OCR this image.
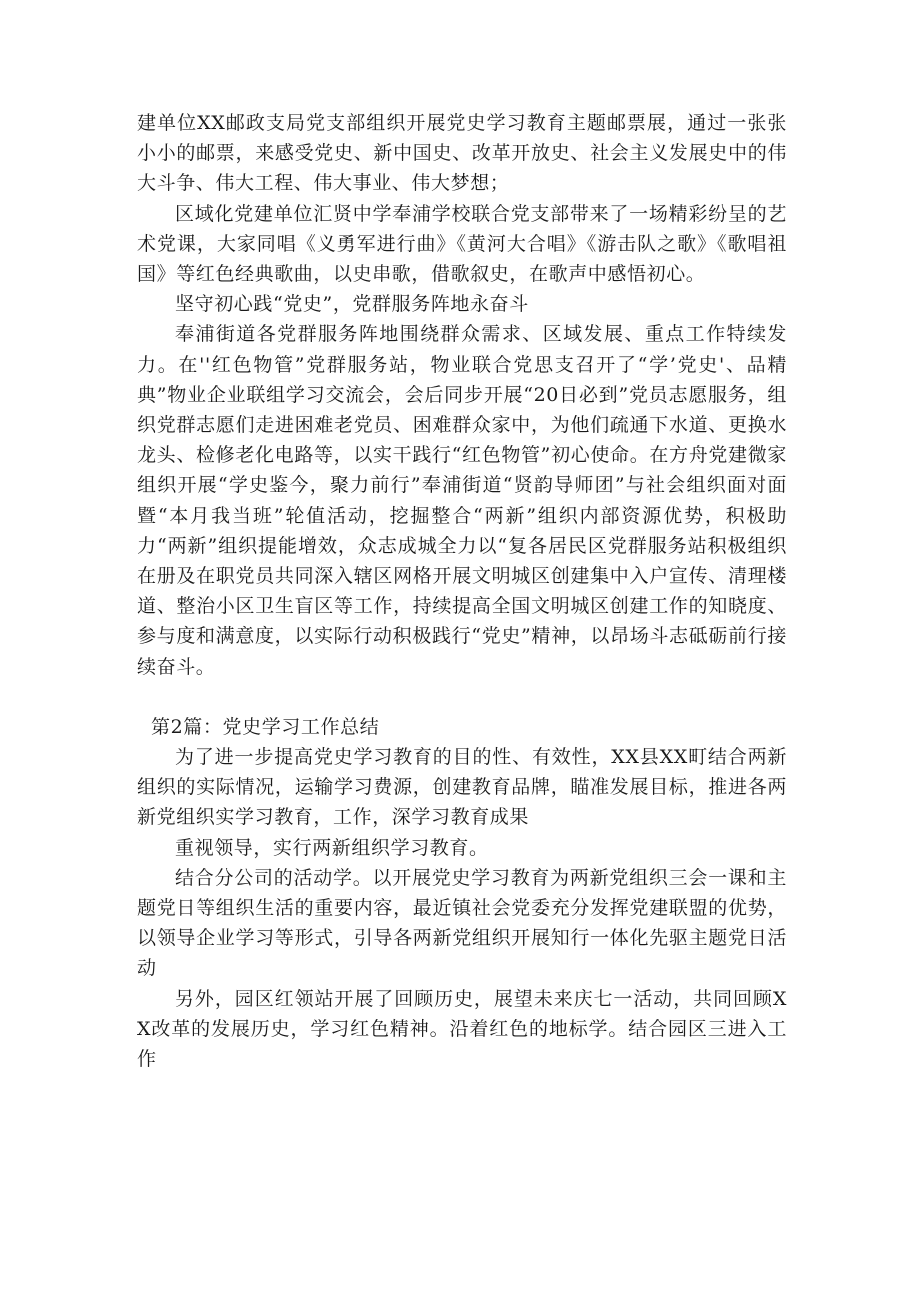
建单位XX邮政支局党支部组织开展党史学习教育主题邮票展，通过一张张小小的邮票，来感受党史、新中国史、改革开放史、社会主义发展史中的伟大斗争、伟大工程、伟大事业、伟大梦想；

区域化党建单位汇贤中学奉浦学校联合党支部带来了一场精彩纷呈的艺术党课，大家同唱《义勇军进行曲》《黄河大合唱》《游击队之歌》《歌唱祖国》等红色经典歌曲，以史串歌，借歌叙史，在歌声中感悟初心。

坚守初心践“党史”，党群服务阵地永奋斗

奉浦街道各党群服务阵地围绕群众需求、区域发展、重点工作特续发力。在''红色物管”党群服务站，物业联合党思支召开了“学’党史'、品精典”物业企业联组学习交流会，会后同步开展“20日必到”党员志愿服务，组织党群志愿们走进困难老党员、困难群众家中，为他们疏通下水道、更换水龙头、检修老化电路等，以实干践行“红色物管”初心使命。在方舟党建微家组织开展“学史鉴今，聚力前行”奉浦街道“贤韵导师团”与社会组织面对面暨“本月我当班”轮值活动，挖掘整合“两新”组织内部资源优势，积极助力“两新”组织提能增效，众志成城全力以“复各居民区党群服务站积极组织在册及在职党员共同深入辖区网格开展文明城区创建集中入户宣传、清理楼道、整治小区卫生盲区等工作，持续提高全国文明城区创建工作的知晓度、参与度和满意度，以实际行动积极践行“党史”精神，以昂场斗志砥砺前行接续奋斗。

第2篇：党史学习工作总结

为了进一步提高党史学习教育的目的性、有效性，XX县XX町结合两新组织的实际情况，运输学习费源，创建教育品牌，瞄准发展目标，推进各两新党组织实学习教育，工作，深学习教育成果

重视领导，实行两新组织学习教育。

结合分公司的活动学。以开展党史学习教育为两新党组织三会一课和主题党日等组织生活的重要内容，最近镇社会党委充分发挥党建联盟的优势，以领导企业学习等形式，引导各两新党组织开展知行一体化先驱主题党日活动

另外，园区红领站开展了回顾历史，展望未来庆七一活动，共同回顾XX改革的发展历史，学习红色精神。沿着红色的地标学。结合园区三进入工作
